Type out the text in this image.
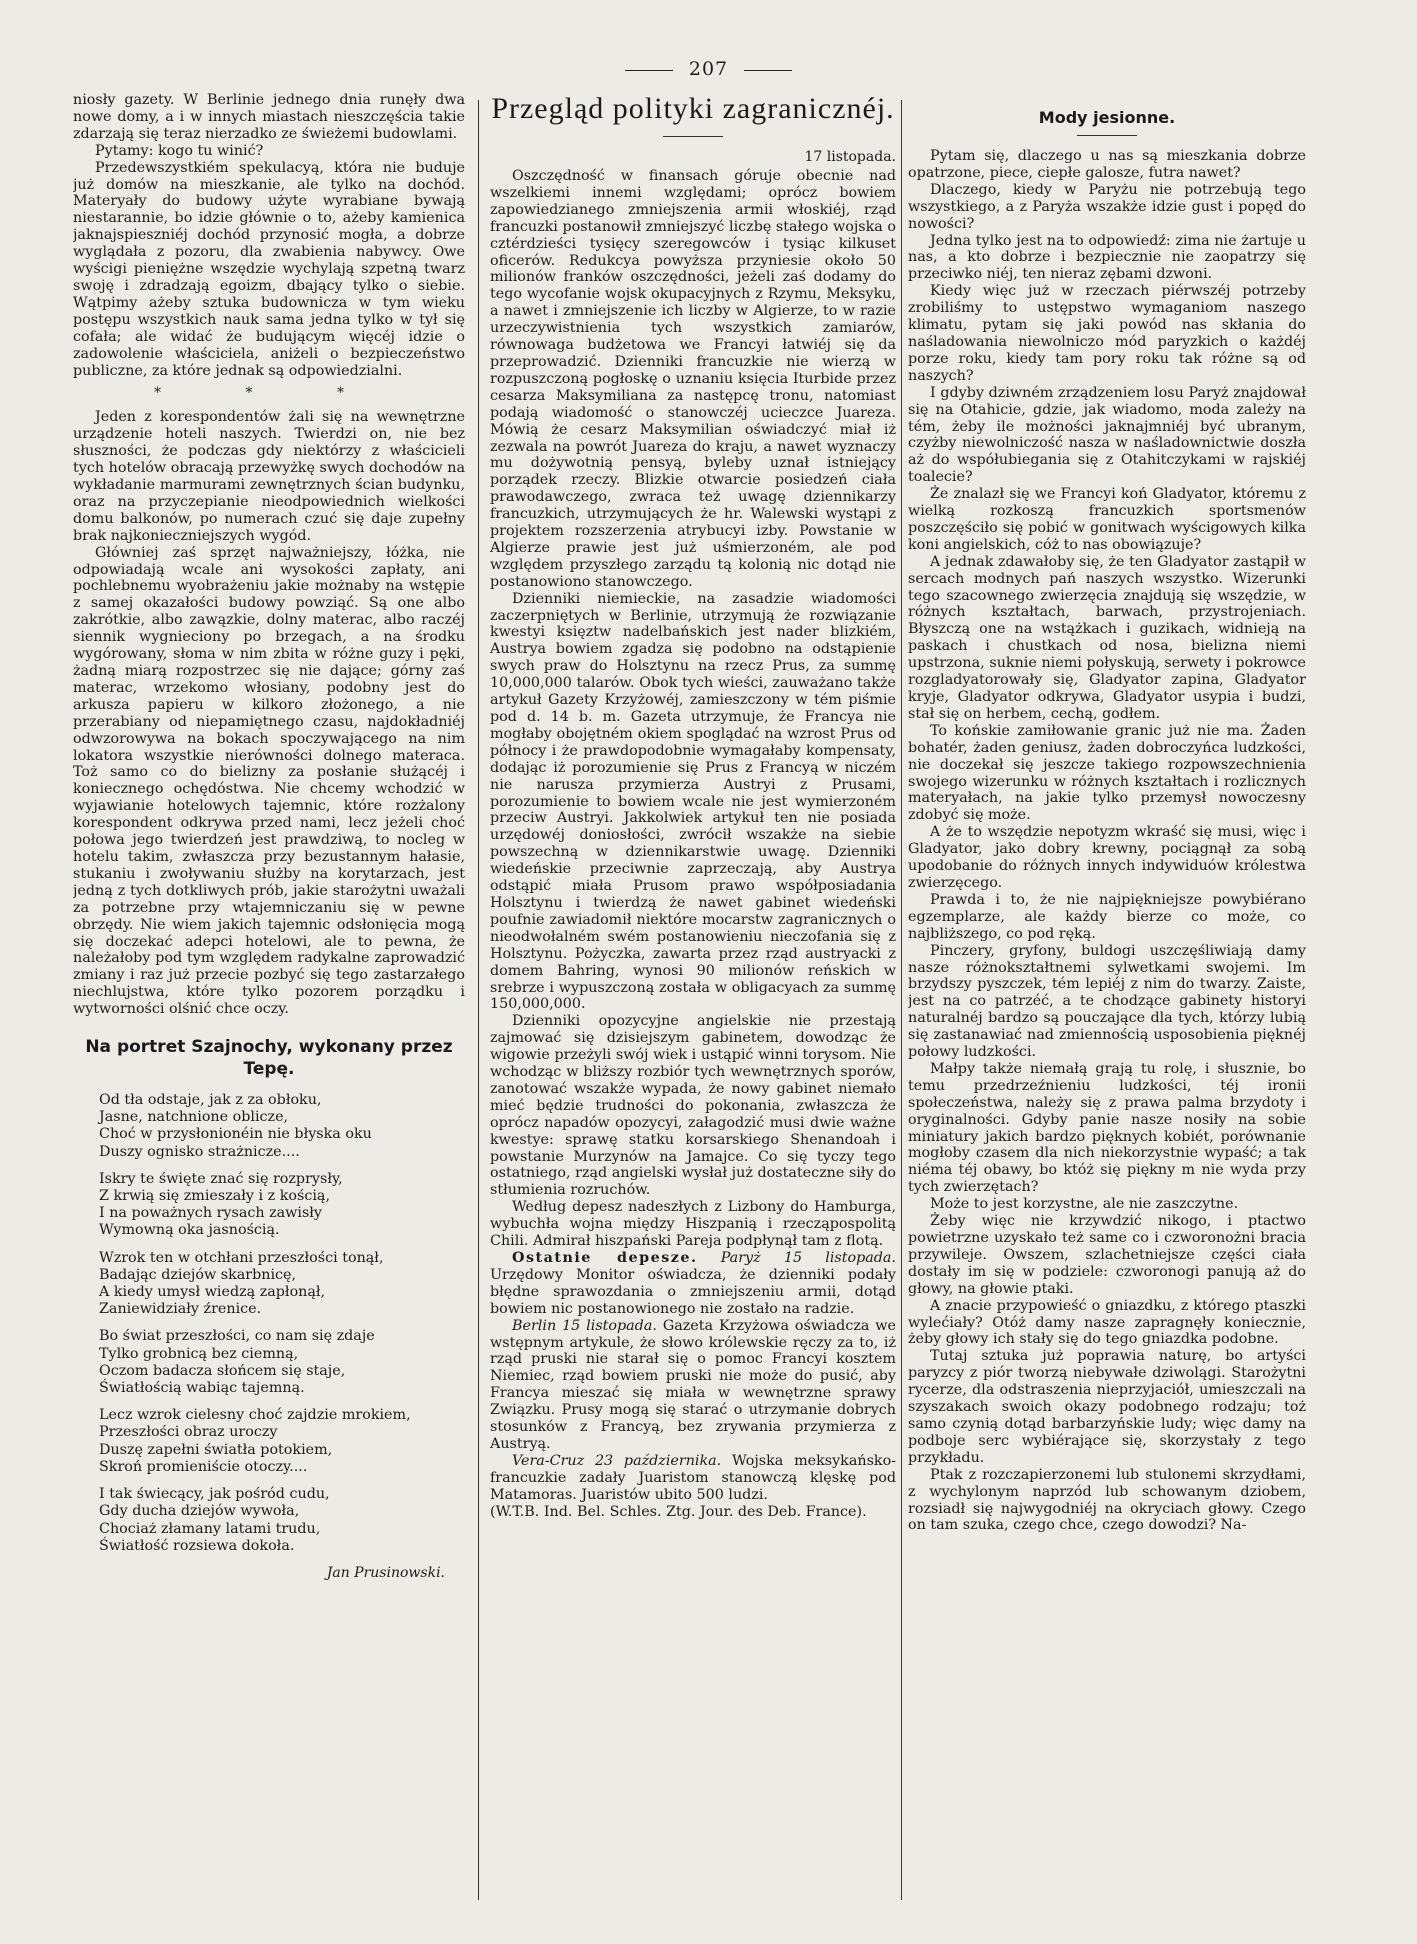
207

niosły gazety. W Berlinie jednego dnia runęły dwa nowe domy, a i w innych miastach nieszczęścia takie zdarzają się teraz nierzadko ze świeżemi budowlami.

Pytamy: kogo tu winić?

Przedewszystkiém spekulacyą, która nie buduje już domów na mieszkanie, ale tylko na dochód. Materyały do budowy użyte wyrabiane bywają niestarannie, bo idzie głównie o to, ażeby kamienica jaknajspieszniéj dochód przynosić mogła, a dobrze wyglądała z pozoru, dla zwabienia nabywcy. Owe wyścigi pieniężne wszędzie wychylają szpetną twarz swoję i zdradzają egoizm, dbający tylko o siebie. Wątpimy ażeby sztuka budownicza w tym wieku postępu wszystkich nauk sama jedna tylko w tył się cofała; ale widać że budującym więcéj idzie o zadowolenie właściciela, aniżeli o bezpieczeństwo publiczne, za które jednak są odpowiedzialni.

* * *

Jeden z korespondentów żali się na wewnętrzne urządzenie hoteli naszych. Twierdzi on, nie bez słuszności, że podczas gdy niektórzy z właścicieli tych hotelów obracają przewyżkę swych dochodów na wykładanie marmurami zewnętrznych ścian budynku, oraz na przyczepianie nieodpowiednich wielkości domu balkonów, po numerach czuć się daje zupełny brak najkonieczniejszych wygód.

Główniej zaś sprzęt najważniejszy, łóżka, nie odpowiadają wcale ani wysokości zapłaty, ani pochlebnemu wyobrażeniu jakie możnaby na wstępie z samej okazałości budowy powziąć. Są one albo zakrótkie, albo zawązkie, dolny materac, albo raczéj siennik wygnieciony po brzegach, a na środku wygórowany, słoma w nim zbita w różne guzy i pęki, żadną miarą rozpostrzec się nie dające; górny zaś materac, wrzekomo włosiany, podobny jest do arkusza papieru w kilkoro złożonego, a nie przerabiany od niepamiętnego czasu, najdokładniéj odwzorowywa na bokach spoczywającego na nim lokatora wszystkie nierówności dolnego materaca. Toż samo co do bielizny za posłanie służącéj i koniecznego ochędóstwa. Nie chcemy wchodzić w wyjawianie hotelowych tajemnic, które rozżalony korespondent odkrywa przed nami, lecz jeżeli choć połowa jego twierdzeń jest prawdziwą, to nocleg w hotelu takim, zwłaszcza przy bezustannym hałasie, stukaniu i zwoływaniu służby na korytarzach, jest jedną z tych dotkliwych prób, jakie starożytni uważali za potrzebne przy wtajemniczaniu się w pewne obrzędy. Nie wiem jakich tajemnic odsłonięcia mogą się doczekać adepci hotelowi, ale to pewna, że należałoby pod tym względem radykalne zaprowadzić zmiany i raz już przecie pozbyć się tego zastarzałego niechlujstwa, które tylko pozorem porządku i wytworności olśnić chce oczy.

Na portret Szajnochy, wykonany przez Tepę.
Od tła odstaje, jak z za obłoku,
Jasne, natchnione oblicze,
Choć w przysłonionéin nie błyska oku
Duszy ognisko strażnicze....
Iskry te święte znać się rozprysły,
Z krwią się zmieszały i z kością,
I na poważnych rysach zawisły
Wymowną oka jasnością.
Wzrok ten w otchłani przeszłości tonął,
Badając dziejów skarbnicę,
A kiedy umysł wiedzą zapłonął,
Zaniewidziały źrenice.
Bo świat przeszłości, co nam się zdaje
Tylko grobnicą bez ciemną,
Oczom badacza słońcem się staje,
Światłością wabiąc tajemną.
Lecz wzrok cielesny choć zajdzie mrokiem,
Przeszłości obraz uroczy
Duszę zapełni światła potokiem,
Skroń promieniście otoczy....
I tak świecący, jak pośród cudu,
Gdy ducha dziejów wywoła,
Chociaż złamany latami trudu,
Światłość rozsiewa dokoła.
Jan Prusinowski.
Przegląd polityki zagranicznéj.
17 listopada.

Oszczędność w finansach góruje obecnie nad wszelkiemi innemi względami; oprócz bowiem zapowiedzianego zmniejszenia armii włoskiéj, rząd francuzki postanowił zmniejszyć liczbę stałego wojska o cztérdzieści tysięcy szeregowców i tysiąc kilkuset oficerów. Redukcya powyższa przyniesie około 50 milionów franków oszczędności, jeżeli zaś dodamy do tego wycofanie wojsk okupacyjnych z Rzymu, Meksyku, a nawet i zmniejszenie ich liczby w Algierze, to w razie urzeczywistnienia tych wszystkich zamiarów, równowaga budżetowa we Francyi łatwiéj się da przeprowadzić. Dzienniki francuzkie nie wierzą w rozpuszczoną pogłoskę o uznaniu księcia Iturbide przez cesarza Maksymiliana za następcę tronu, natomiast podają wiadomość o stanowczéj ucieczce Juareza. Mówią że cesarz Maksymilian oświadczyć miał iż zezwala na powrót Juareza do kraju, a nawet wyznaczy mu dożywotnią pensyą, byleby uznał istniejący porządek rzeczy. Blizkie otwarcie posiedzeń ciała prawodawczego, zwraca też uwagę dziennikarzy francuzkich, utrzymujących że hr. Walewski wystąpi z projektem rozszerzenia atrybucyi izby. Powstanie w Algierze prawie jest już uśmierzoném, ale pod względem przyszłego zarządu tą kolonią nic dotąd nie postanowiono stanowczego.

Dzienniki niemieckie, na zasadzie wiadomości zaczerpniętych w Berlinie, utrzymują że rozwiązanie kwestyi księztw nadelbańskich jest nader blizkiém, Austrya bowiem zgadza się podobno na odstąpienie swych praw do Holsztynu na rzecz Prus, za summę 10,000,000 talarów. Obok tych wieści, zauważano także artykuł Gazety Krzyżowéj, zamieszczony w tém piśmie pod d. 14 b. m. Gazeta utrzymuje, że Francya nie mogłaby obojętném okiem spoglądać na wzrost Prus od północy i że prawdopodobnie wymagałaby kompensaty, dodając iż porozumienie się Prus z Francyą w niczém nie narusza przymierza Austryi z Prusami, porozumienie to bowiem wcale nie jest wymierzoném przeciw Austryi. Jakkolwiek artykuł ten nie posiada urzędowéj doniosłości, zwrócił wszakże na siebie powszechną w dziennikarstwie uwagę. Dzienniki wiedeńskie przeciwnie zaprzeczają, aby Austrya odstąpić miała Prusom prawo współposiadania Holsztynu i twierdzą że nawet gabinet wiedeński poufnie zawiadomił niektóre mocarstw zagranicznych o nieodwołalném swém postanowieniu nieczofania się z Holsztynu. Pożyczka, zawarta przez rząd austryacki z domem Bahring, wynosi 90 milionów reńskich w srebrze i wypuszczoną została w obligacyach za summę 150,000,000.

Dzienniki opozycyjne angielskie nie przestają zajmować się dzisiejszym gabinetem, dowodząc że wigowie przeżyli swój wiek i ustąpić winni torysom. Nie wchodząc w bliższy rozbiór tych wewnętrznych sporów, zanotować wszakże wypada, że nowy gabinet niemało mieć będzie trudności do pokonania, zwłaszcza że oprócz napadów opozycyi, załagodzić musi dwie ważne kwestye: sprawę statku korsarskiego Shenandoah i powstanie Murzynów na Jamajce. Co się tyczy tego ostatniego, rząd angielski wysłał już dostateczne siły do stłumienia rozruchów.

Według depesz nadeszłych z Lizbony do Hamburga, wybuchła wojna między Hiszpanią i rzecząpospolitą Chili. Admirał hiszpański Pareja podpłynął tam z flotą.

Ostatnie depesze. Paryż 15 listopada. Urzędowy Monitor oświadcza, że dzienniki podały błędne sprawozdania o zmniejszeniu armii, dotąd bowiem nic postanowionego nie zostało na radzie.

Berlin 15 listopada. Gazeta Krzyżowa oświadcza we wstępnym artykule, że słowo królewskie ręczy za to, iż rząd pruski nie starał się o pomoc Francyi kosztem Niemiec, rząd bowiem pruski nie może do pusić, aby Francya mieszać się miała w wewnętrzne sprawy Związku. Prusy mogą się starać o utrzymanie dobrych stosunków z Francyą, bez zrywania przymierza z Austryą.

Vera-Cruz 23 października. Wojska meksykańsko-francuzkie zadały Juaristom stanowczą klęskę pod Matamoras. Juaristów ubito 500 ludzi.

(W.T.B. Ind. Bel. Schles. Ztg. Jour. des Deb. France).

Mody jesionne.

Pytam się, dlaczego u nas są mieszkania dobrze opatrzone, piece, ciepłe galosze, futra nawet?

Dlaczego, kiedy w Paryżu nie potrzebują tego wszystkiego, a z Paryża wszakże idzie gust i popęd do nowości?

Jedna tylko jest na to odpowiedź: zima nie żartuje u nas, a kto dobrze i bezpiecznie nie zaopatrzy się przeciwko niéj, ten nieraz zębami dzwoni.

Kiedy więc już w rzeczach piérwszéj potrzeby zrobiliśmy to ustępstwo wymaganiom naszego klimatu, pytam się jaki powód nas skłania do naśladowania niewolniczo mód paryzkich o każdéj porze roku, kiedy tam pory roku tak różne są od naszych?

I gdyby dziwném zrządzeniem losu Paryż znajdował się na Otahicie, gdzie, jak wiadomo, moda zależy na tém, żeby ile możności jaknajmniéj być ubranym, czyżby niewolniczość nasza w naśladownictwie doszła aż do współubiegania się z Otahitczykami w rajskiéj toalecie?

Że znalazł się we Francyi koń Gladyator, któremu z wielką rozkoszą francuzkich sportsmenów poszczęściło się pobić w gonitwach wyścigowych kilka koni angielskich, cóż to nas obowiązuje?

A jednak zdawałoby się, że ten Gladyator zastąpił w sercach modnych pań naszych wszystko. Wizerunki tego szacownego zwierzęcia znajdują się wszędzie, w różnych kształtach, barwach, przystrojeniach. Błyszczą one na wstążkach i guzikach, widnieją na paskach i chustkach od nosa, bielizna niemi upstrzona, suknie niemi połyskują, serwety i pokrowce rozgladyatorowały się, Gladyator zapina, Gladyator kryje, Gladyator odkrywa, Gladyator usypia i budzi, stał się on herbem, cechą, godłem.

To końskie zamiłowanie granic już nie ma. Żaden bohatér, żaden geniusz, żaden dobroczyńca ludzkości, nie doczekał się jeszcze takiego rozpowszechnienia swojego wizerunku w różnych kształtach i rozlicznych materyałach, na jakie tylko przemysł nowoczesny zdobyć się może.

A że to wszędzie nepotyzm wkraść się musi, więc i Gladyator, jako dobry krewny, pociągnął za sobą upodobanie do różnych innych indywiduów królestwa zwierzęcego.

Prawda i to, że nie najpiękniejsze powybiérano egzemplarze, ale każdy bierze co może, co najbliższego, co pod ręką.

Pinczery, gryfony, buldogi uszczęśliwiają damy nasze różnokształtnemi sylwetkami swojemi. Im brzydszy pyszczek, tém lepiéj z nim do twarzy. Zaiste, jest na co patrzéć, a te chodzące gabinety historyi naturalnéj bardzo są pouczające dla tych, którzy lubią się zastanawiać nad zmiennością usposobienia pięknéj połowy ludzkości.

Małpy także niemałą grają tu rolę, i słusznie, bo temu przedrzeźnieniu ludzkości, téj ironii społeczeństwa, należy się z prawa palma brzydoty i oryginalności. Gdyby panie nasze nosiły na sobie miniatury jakich bardzo pięknych kobiét, porównanie mogłoby czasem dla nich niekorzystnie wypaść; a tak niéma téj obawy, bo któż się piękny m nie wyda przy tych zwierzętach?

Może to jest korzystne, ale nie zaszczytne.

Żeby więc nie krzywdzić nikogo, i ptactwo powietrzne uzyskało też same co i czworonożni bracia przywileje. Owszem, szlachetniejsze części ciała dostały im się w podziele: czworonogi panują aż do głowy, na głowie ptaki.

A znacie przypowieść o gniazdku, z którego ptaszki wylećiały? Otóż damy nasze zapragnęły koniecznie, żeby głowy ich stały się do tego gniazdka podobne.

Tutaj sztuka już poprawia naturę, bo artyści paryzcy z piór tworzą niebywałe dziwolągi. Starożytni rycerze, dla odstraszenia nieprzyjaciół, umieszczali na szyszakach swoich okazy podobnego rodzaju; toż samo czynią dotąd barbarzyńskie ludy; więc damy na podboje serc wybiérające się, skorzystały z tego przykładu.

Ptak z rozczapierzonemi lub stulonemi skrzydłami, z wychylonym naprzód lub schowanym dziobem, rozsiadł się najwygodniéj na okryciach głowy. Czego on tam szuka, czego chce, czego dowodzi? Na-
